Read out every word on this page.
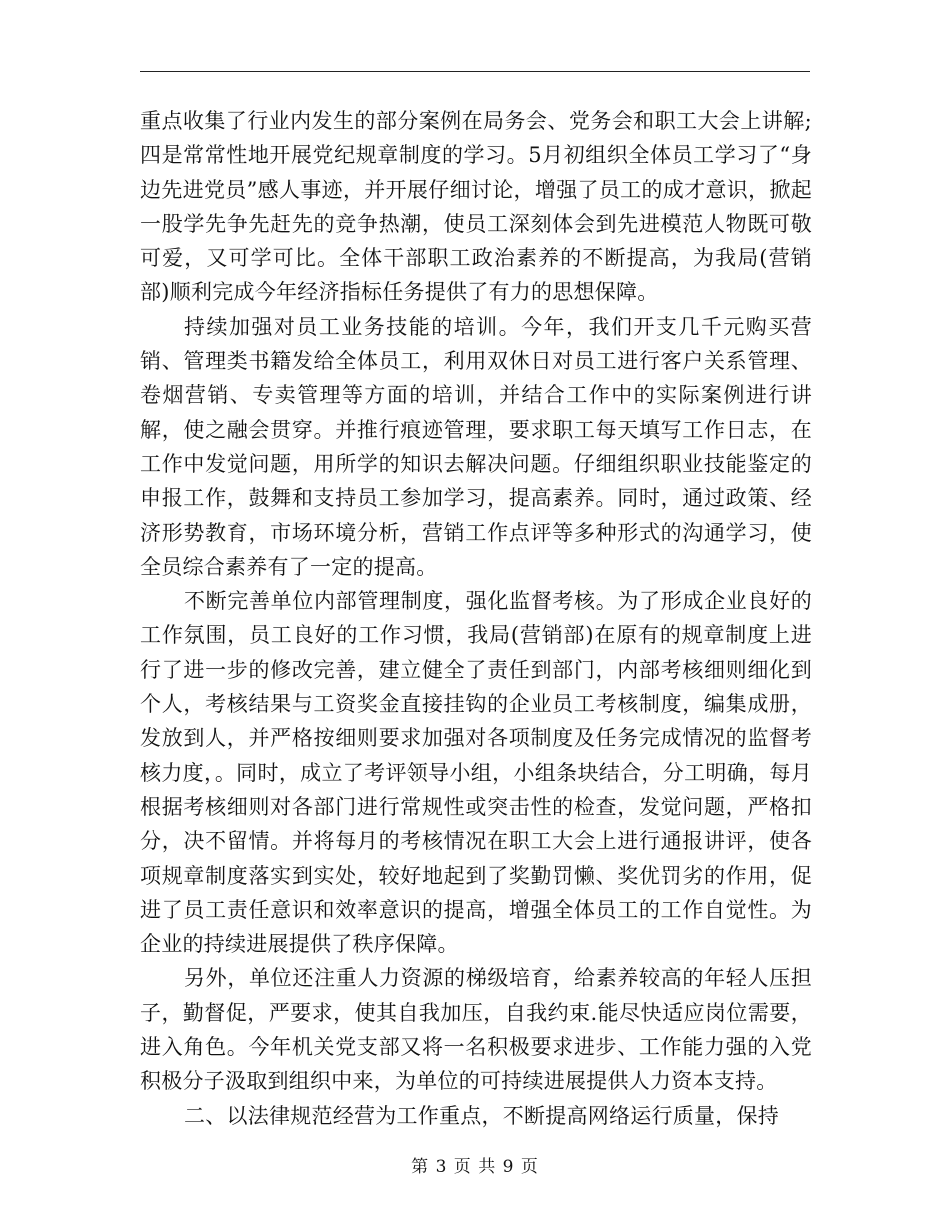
重点收集了行业内发生的部分案例在局务会、党务会和职工大会上讲解;四是常常性地开展党纪规章制度的学习。5月初组织全体员工学习了“身边先进党员”感人事迹，并开展仔细讨论，增强了员工的成才意识，掀起一股学先争先赶先的竞争热潮，使员工深刻体会到先进模范人物既可敬可爱，又可学可比。全体干部职工政治素养的不断提高，为我局(营销部)顺利完成今年经济指标任务提供了有力的思想保障。

持续加强对员工业务技能的培训。今年，我们开支几千元购买营销、管理类书籍发给全体员工，利用双休日对员工进行客户关系管理、卷烟营销、专卖管理等方面的培训，并结合工作中的实际案例进行讲解，使之融会贯穿。并推行痕迹管理，要求职工每天填写工作日志，在工作中发觉问题，用所学的知识去解决问题。仔细组织职业技能鉴定的申报工作，鼓舞和支持员工参加学习，提高素养。同时，通过政策、经济形势教育，市场环境分析，营销工作点评等多种形式的沟通学习，使全员综合素养有了一定的提高。

不断完善单位内部管理制度，强化监督考核。为了形成企业良好的工作氛围，员工良好的工作习惯，我局(营销部)在原有的规章制度上进行了进一步的修改完善，建立健全了责任到部门，内部考核细则细化到个人，考核结果与工资奖金直接挂钩的企业员工考核制度，编集成册，发放到人，并严格按细则要求加强对各项制度及任务完成情况的监督考核力度，。同时，成立了考评领导小组，小组条块结合，分工明确，每月根据考核细则对各部门进行常规性或突击性的检查，发觉问题，严格扣分，决不留情。并将每月的考核情况在职工大会上进行通报讲评，使各项规章制度落实到实处，较好地起到了奖勤罚懒、奖优罚劣的作用，促进了员工责任意识和效率意识的提高，增强全体员工的工作自觉性。为企业的持续进展提供了秩序保障。

另外，单位还注重人力资源的梯级培育，给素养较高的年轻人压担子，勤督促，严要求，使其自我加压，自我约束.能尽快适应岗位需要，进入角色。今年机关党支部又将一名积极要求进步、工作能力强的入党积极分子汲取到组织中来，为单位的可持续进展提供人力资本支持。

二、以法律规范经营为工作重点，不断提高网络运行质量，保持

第 3 页 共 9 页
